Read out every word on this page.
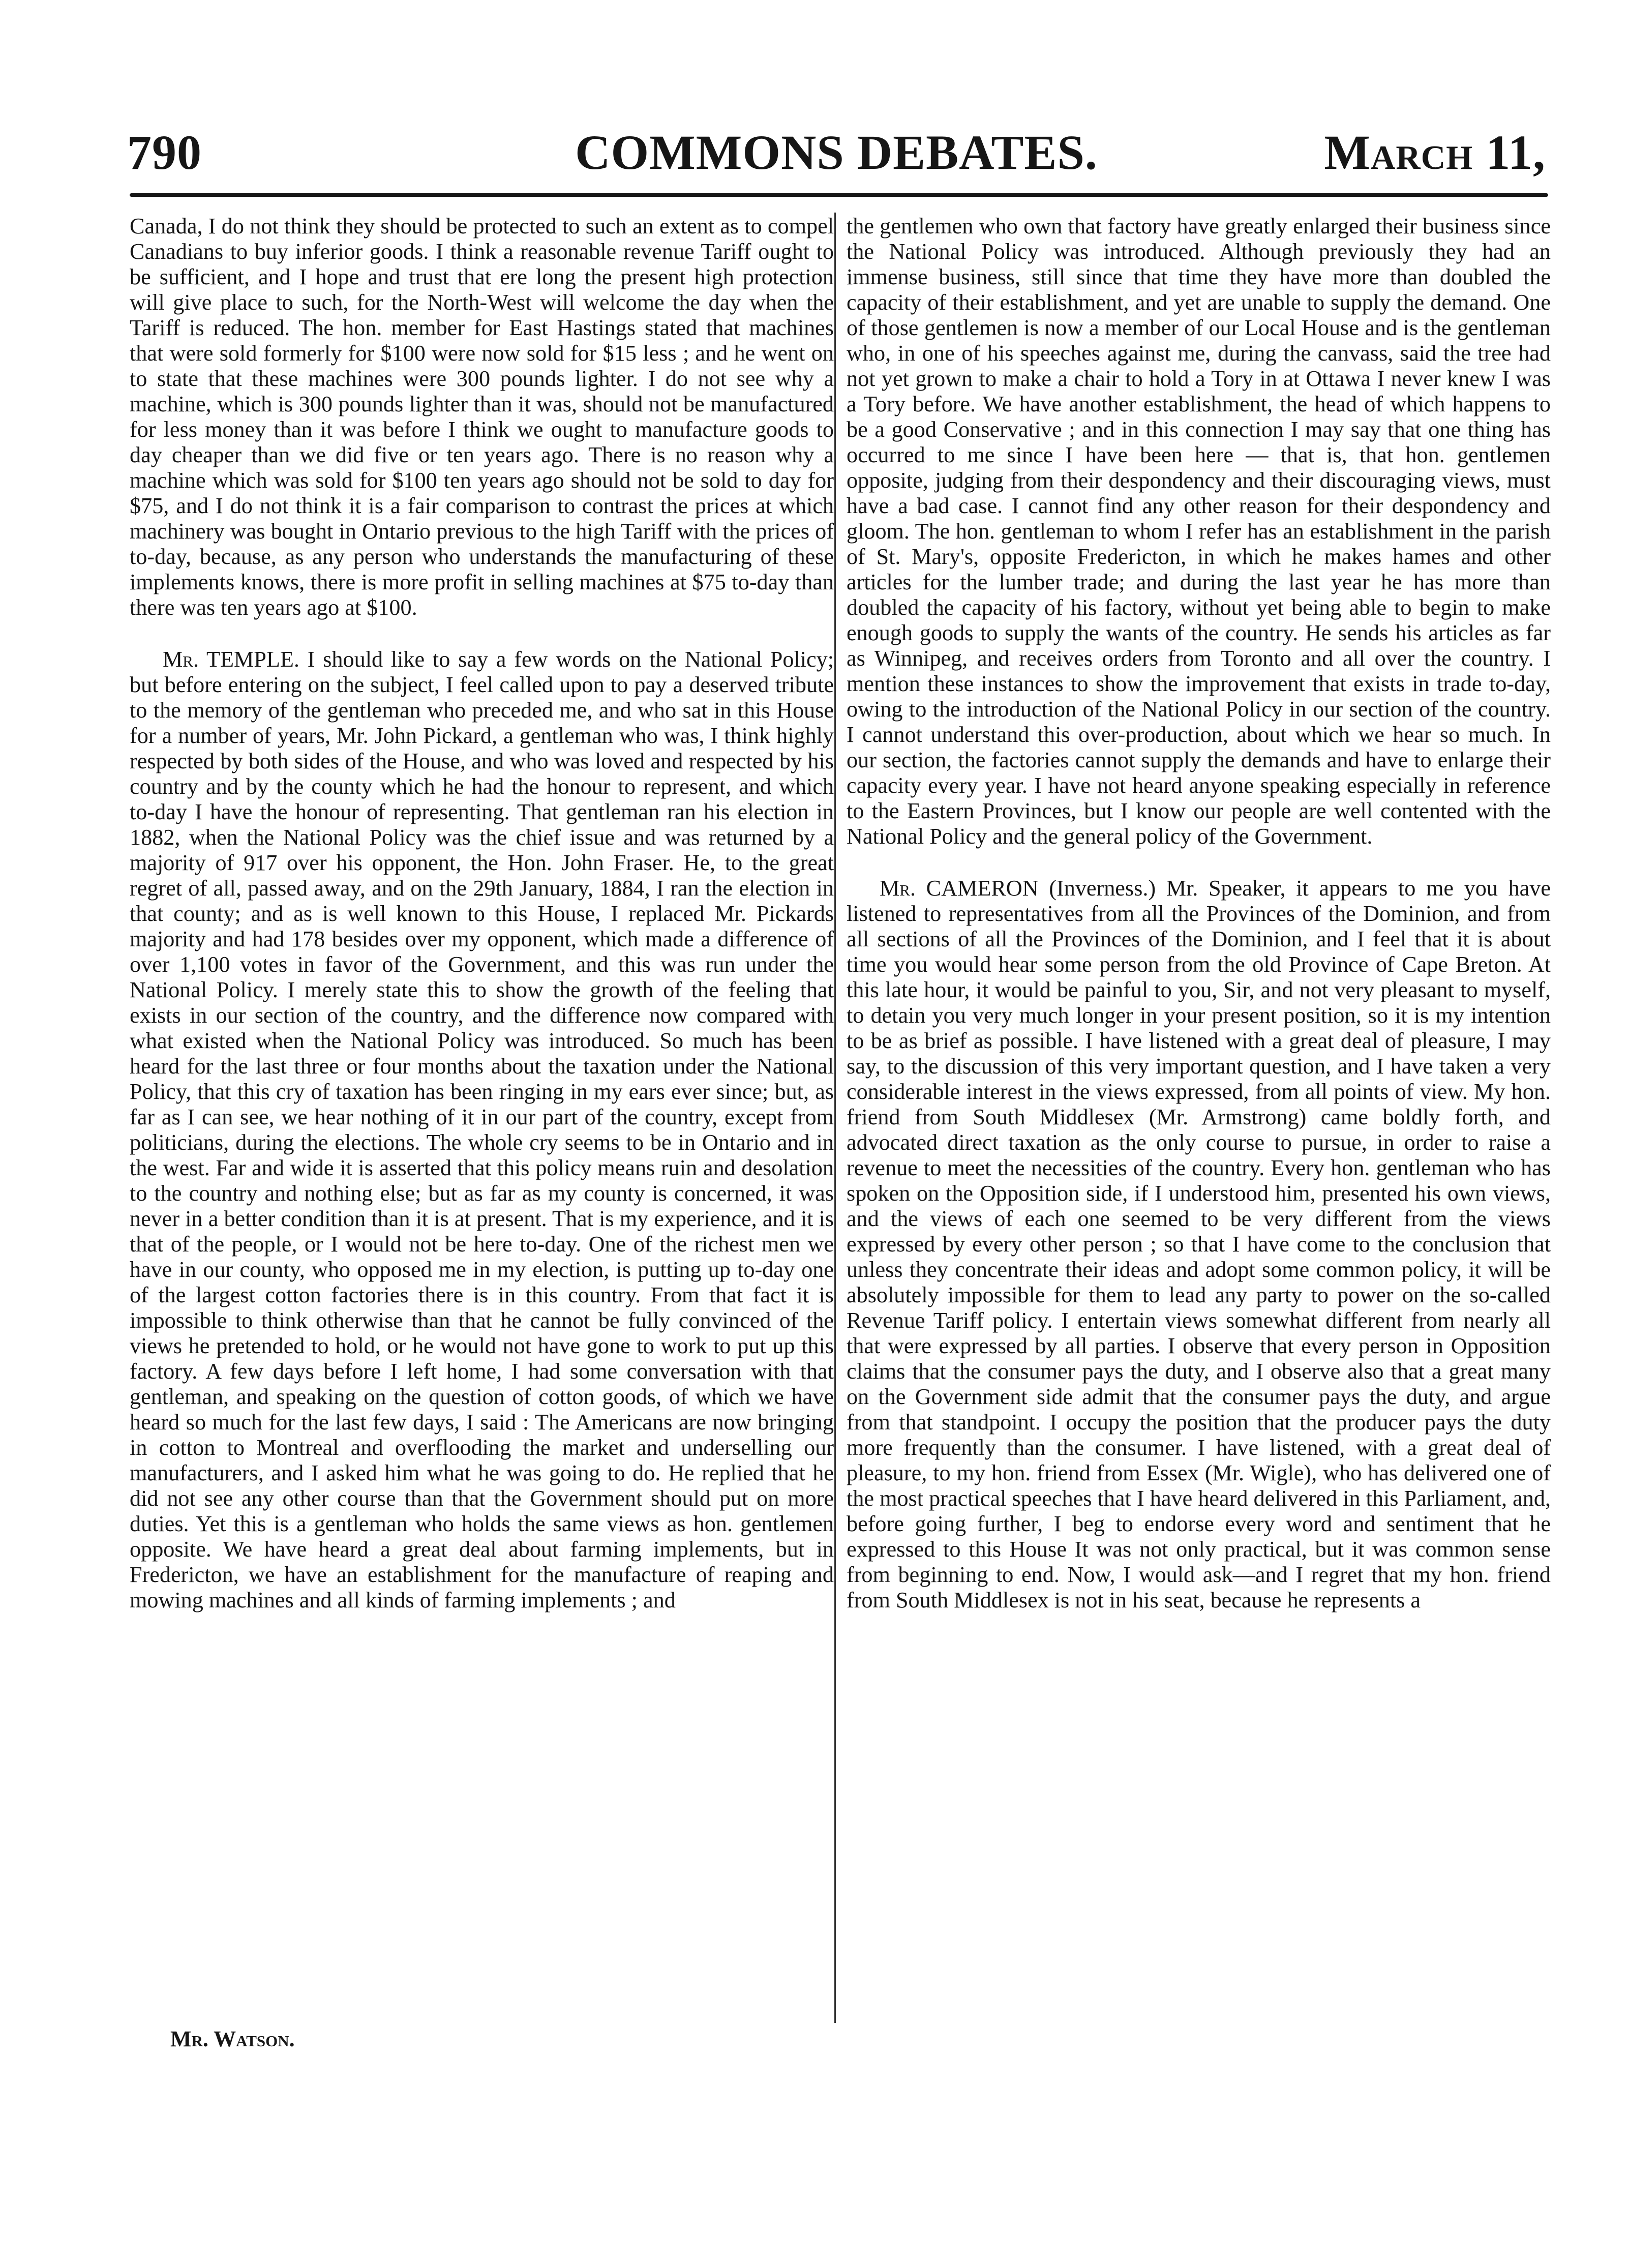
790	COMMONS DEBATES.	March 11,

Canada, I do not think they should be protected to such an extent as to compel Canadians to buy inferior goods. I think a reasonable revenue Tariff ought to be sufficient, and I hope and trust that ere long the present high protection will give place to such, for the North-West will welcome the day when the Tariff is reduced. The hon. member for East Hastings stated that machines that were sold formerly for $100 were now sold for $15 less ; and he went on to state that these machines were 300 pounds lighter. I do not see why a machine, which is 300 pounds lighter than it was, should not be manufactured for less money than it was before I think we ought to manufacture goods to day cheaper than we did five or ten years ago. There is no reason why a machine which was sold for $100 ten years ago should not be sold to day for $75, and I do not think it is a fair comparison to contrast the prices at which machinery was bought in Ontario previous to the high Tariff with the prices of to-day, because, as any person who understands the manufacturing of these implements knows, there is more profit in selling machines at $75 to-day than there was ten years ago at $100.

Mr. TEMPLE. I should like to say a few words on the National Policy; but before entering on the subject, I feel called upon to pay a deserved tribute to the memory of the gentleman who preceded me, and who sat in this House for a number of years, Mr. John Pickard, a gentleman who was, I think highly respected by both sides of the House, and who was loved and respected by his country and by the county which he had the honour to represent, and which to-day I have the honour of representing. That gentleman ran his election in 1882, when the National Policy was the chief issue and was returned by a majority of 917 over his opponent, the Hon. John Fraser. He, to the great regret of all, passed away, and on the 29th January, 1884, I ran the election in that county; and as is well known to this House, I replaced Mr. Pickards majority and had 178 besides over my opponent, which made a difference of over 1,100 votes in favor of the Government, and this was run under the National Policy. I merely state this to show the growth of the feeling that exists in our section of the country, and the difference now compared with what existed when the National Policy was introduced. So much has been heard for the last three or four months about the taxation under the National Policy, that this cry of taxation has been ringing in my ears ever since; but, as far as I can see, we hear nothing of it in our part of the country, except from politicians, during the elections. The whole cry seems to be in Ontario and in the west. Far and wide it is asserted that this policy means ruin and desolation to the country and nothing else; but as far as my county is concerned, it was never in a better condition than it is at present. That is my experience, and it is that of the people, or I would not be here to-day. One of the richest men we have in our county, who opposed me in my election, is putting up to-day one of the largest cotton factories there is in this country. From that fact it is impossible to think otherwise than that he cannot be fully convinced of the views he pretended to hold, or he would not have gone to work to put up this factory. A few days before I left home, I had some conversation with that gentleman, and speaking on the question of cotton goods, of which we have heard so much for the last few days, I said : The Americans are now bringing in cotton to Montreal and overflooding the market and underselling our manufacturers, and I asked him what he was going to do. He replied that he did not see any other course than that the Government should put on more duties. Yet this is a gentleman who holds the same views as hon. gentlemen opposite. We have heard a great deal about farming implements, but in Fredericton, we have an establishment for the manufacture of reaping and mowing machines and all kinds of farming implements ; and

the gentlemen who own that factory have greatly enlarged their business since the National Policy was introduced. Although previously they had an immense business, still since that time they have more than doubled the capacity of their establishment, and yet are unable to supply the demand. One of those gentlemen is now a member of our Local House and is the gentleman who, in one of his speeches against me, during the canvass, said the tree had not yet grown to make a chair to hold a Tory in at Ottawa I never knew I was a Tory before. We have another establishment, the head of which happens to be a good Conservative ; and in this connection I may say that one thing has occurred to me since I have been here — that is, that hon. gentlemen opposite, judging from their despondency and their discouraging views, must have a bad case. I cannot find any other reason for their despondency and gloom. The hon. gentleman to whom I refer has an establishment in the parish of St. Mary's, opposite Fredericton, in which he makes hames and other articles for the lumber trade; and during the last year he has more than doubled the capacity of his factory, without yet being able to begin to make enough goods to supply the wants of the country. He sends his articles as far as Winnipeg, and receives orders from Toronto and all over the country. I mention these instances to show the improvement that exists in trade to-day, owing to the introduction of the National Policy in our section of the country. I cannot understand this over-production, about which we hear so much. In our section, the factories cannot supply the demands and have to enlarge their capacity every year. I have not heard anyone speaking especially in reference to the Eastern Provinces, but I know our people are well contented with the National Policy and the general policy of the Government.

Mr. CAMERON (Inverness.) Mr. Speaker, it appears to me you have listened to representatives from all the Provinces of the Dominion, and from all sections of all the Provinces of the Dominion, and I feel that it is about time you would hear some person from the old Province of Cape Breton. At this late hour, it would be painful to you, Sir, and not very pleasant to myself, to detain you very much longer in your present position, so it is my intention to be as brief as possible. I have listened with a great deal of pleasure, I may say, to the discussion of this very important question, and I have taken a very considerable interest in the views expressed, from all points of view. My hon. friend from South Middlesex (Mr. Armstrong) came boldly forth, and advocated direct taxation as the only course to pursue, in order to raise a revenue to meet the necessities of the country. Every hon. gentleman who has spoken on the Opposition side, if I understood him, presented his own views, and the views of each one seemed to be very different from the views expressed by every other person ; so that I have come to the conclusion that unless they concentrate their ideas and adopt some common policy, it will be absolutely impossible for them to lead any party to power on the so-called Revenue Tariff policy. I entertain views somewhat different from nearly all that were expressed by all parties. I observe that every person in Opposition claims that the consumer pays the duty, and I observe also that a great many on the Government side admit that the consumer pays the duty, and argue from that standpoint. I occupy the position that the producer pays the duty more frequently than the consumer. I have listened, with a great deal of pleasure, to my hon. friend from Essex (Mr. Wigle), who has delivered one of the most practical speeches that I have heard delivered in this Parliament, and, before going further, I beg to endorse every word and sentiment that he expressed to this House It was not only practical, but it was common sense from beginning to end. Now, I would ask—and I regret that my hon. friend from South Middlesex is not in his seat, because he represents a

Mr. Watson.
